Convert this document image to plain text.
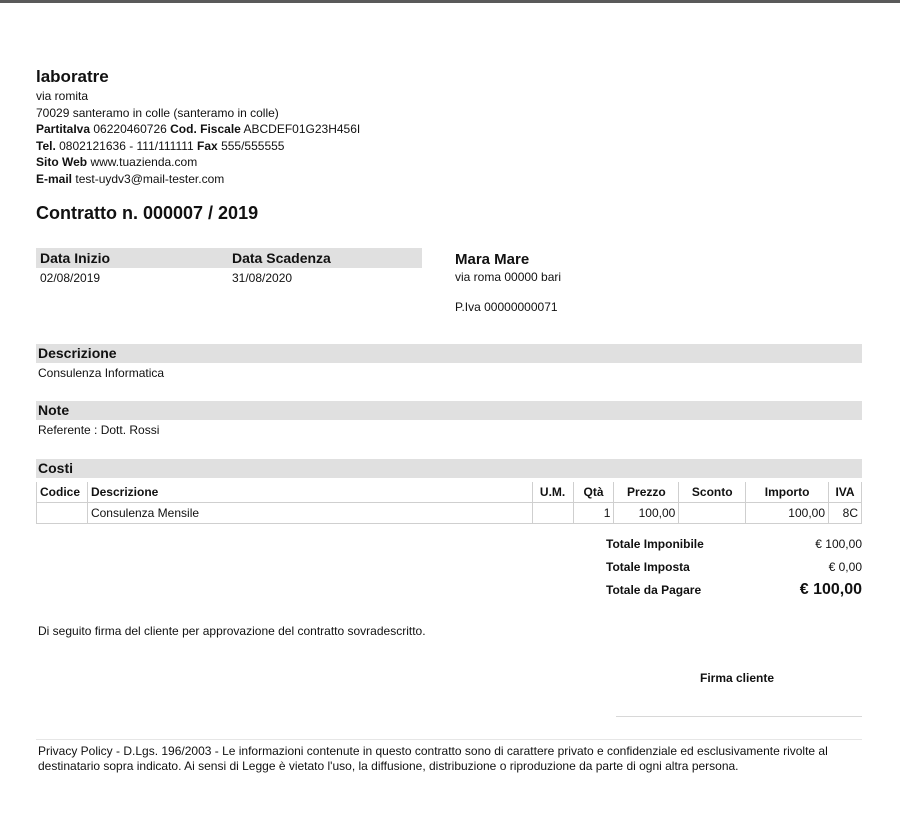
laboratre
via romita
70029 santeramo in colle (santeramo in colle)
PartitaIva 06220460726 Cod. Fiscale ABCDEF01G23H456I
Tel. 0802121636 - 111/111111 Fax 555/555555
Sito Web www.tuazienda.com
E-mail test-uydv3@mail-tester.com
Contratto n. 000007 / 2019
Data Inizio	Data Scadenza
02/08/2019	31/08/2020
Mara Mare
via roma 00000 bari
P.Iva 00000000071
Descrizione
Consulenza Informatica
Note
Referente : Dott. Rossi
Costi
Codice	Descrizione	U.M.	Qtà	Prezzo	Sconto	Importo	IVA
	Consulenza Mensile		1	100,00		100,00	8C
Totale Imponibile	€ 100,00
Totale Imposta	€ 0,00
Totale da Pagare	€ 100,00
Di seguito firma del cliente per approvazione del contratto sovradescritto.
Firma cliente
Privacy Policy - D.Lgs. 196/2003 - Le informazioni contenute in questo contratto sono di carattere privato e confidenziale ed esclusivamente rivolte al destinatario sopra indicato. Ai sensi di Legge è vietato l'uso, la diffusione, distribuzione o riproduzione da parte di ogni altra persona.
